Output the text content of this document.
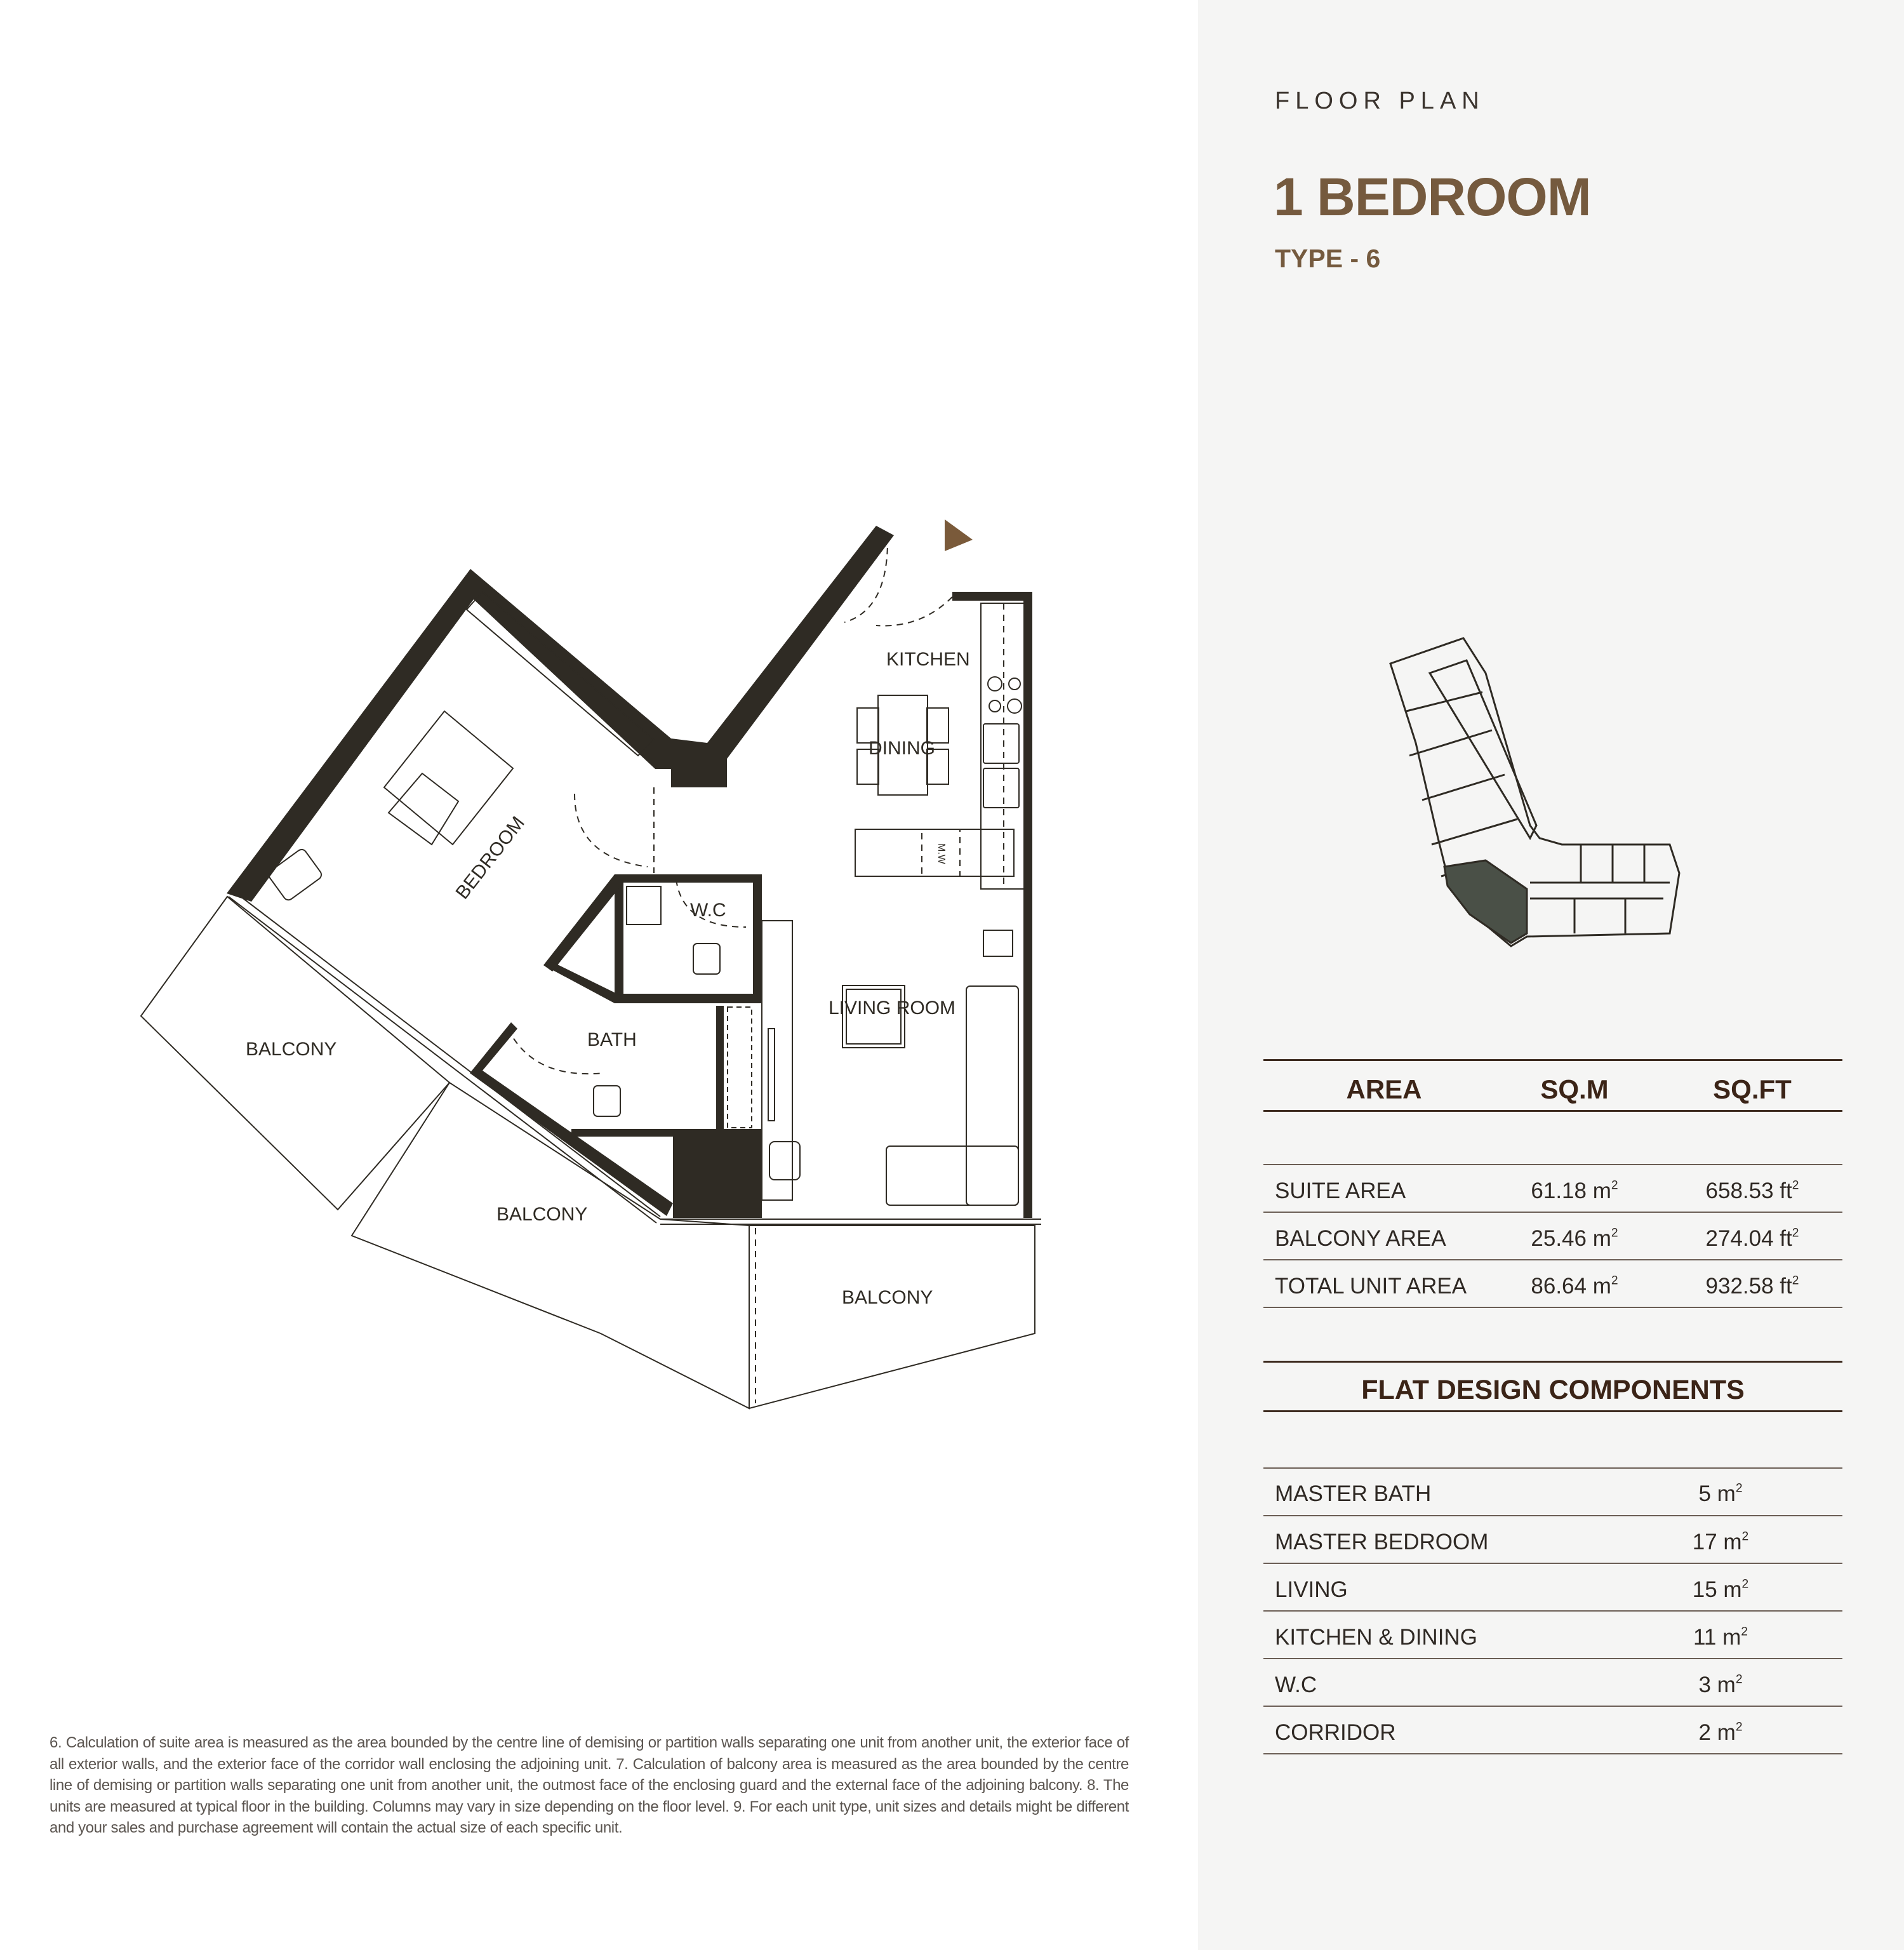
KITCHEN
DINING
BEDROOM
W.C
BATH
LIVING ROOM
BALCONY
BALCONY
BALCONY
M.W

6. Calculation of suite area is measured as the area bounded by the centre line of demising or partition walls separating one unit from another unit, the exterior face of all exterior walls, and the exterior face of the corridor wall enclosing the adjoining unit. 7. Calculation of balcony area is measured as the area bounded by the centre line of demising or partition walls separating one unit from another unit, the outmost face of the enclosing guard and the external face of the adjoining balcony. 8. The units are measured at typical floor in the building. Columns may vary in size depending on the floor level. 9. For each unit type, unit sizes and details might be different and your sales and purchase agreement will contain the actual size of each specific unit.

FLOOR PLAN
1 BEDROOM
TYPE - 6
AREA	SQ.M	SQ.FT
SUITE AREA	61.18 $m^2$	658.53 $ft^2$
BALCONY AREA	25.46 $m^2$	274.04 $ft^2$
TOTAL UNIT AREA	86.64 $m^2$	932.58 $ft^2$
FLAT DESIGN COMPONENTS
MASTER BATH	5 $m^2$
MASTER BEDROOM	17 $m^2$
LIVING	15 $m^2$
KITCHEN & DINING	11 $m^2$
W.C	3 $m^2$
CORRIDOR	2 $m^2$
